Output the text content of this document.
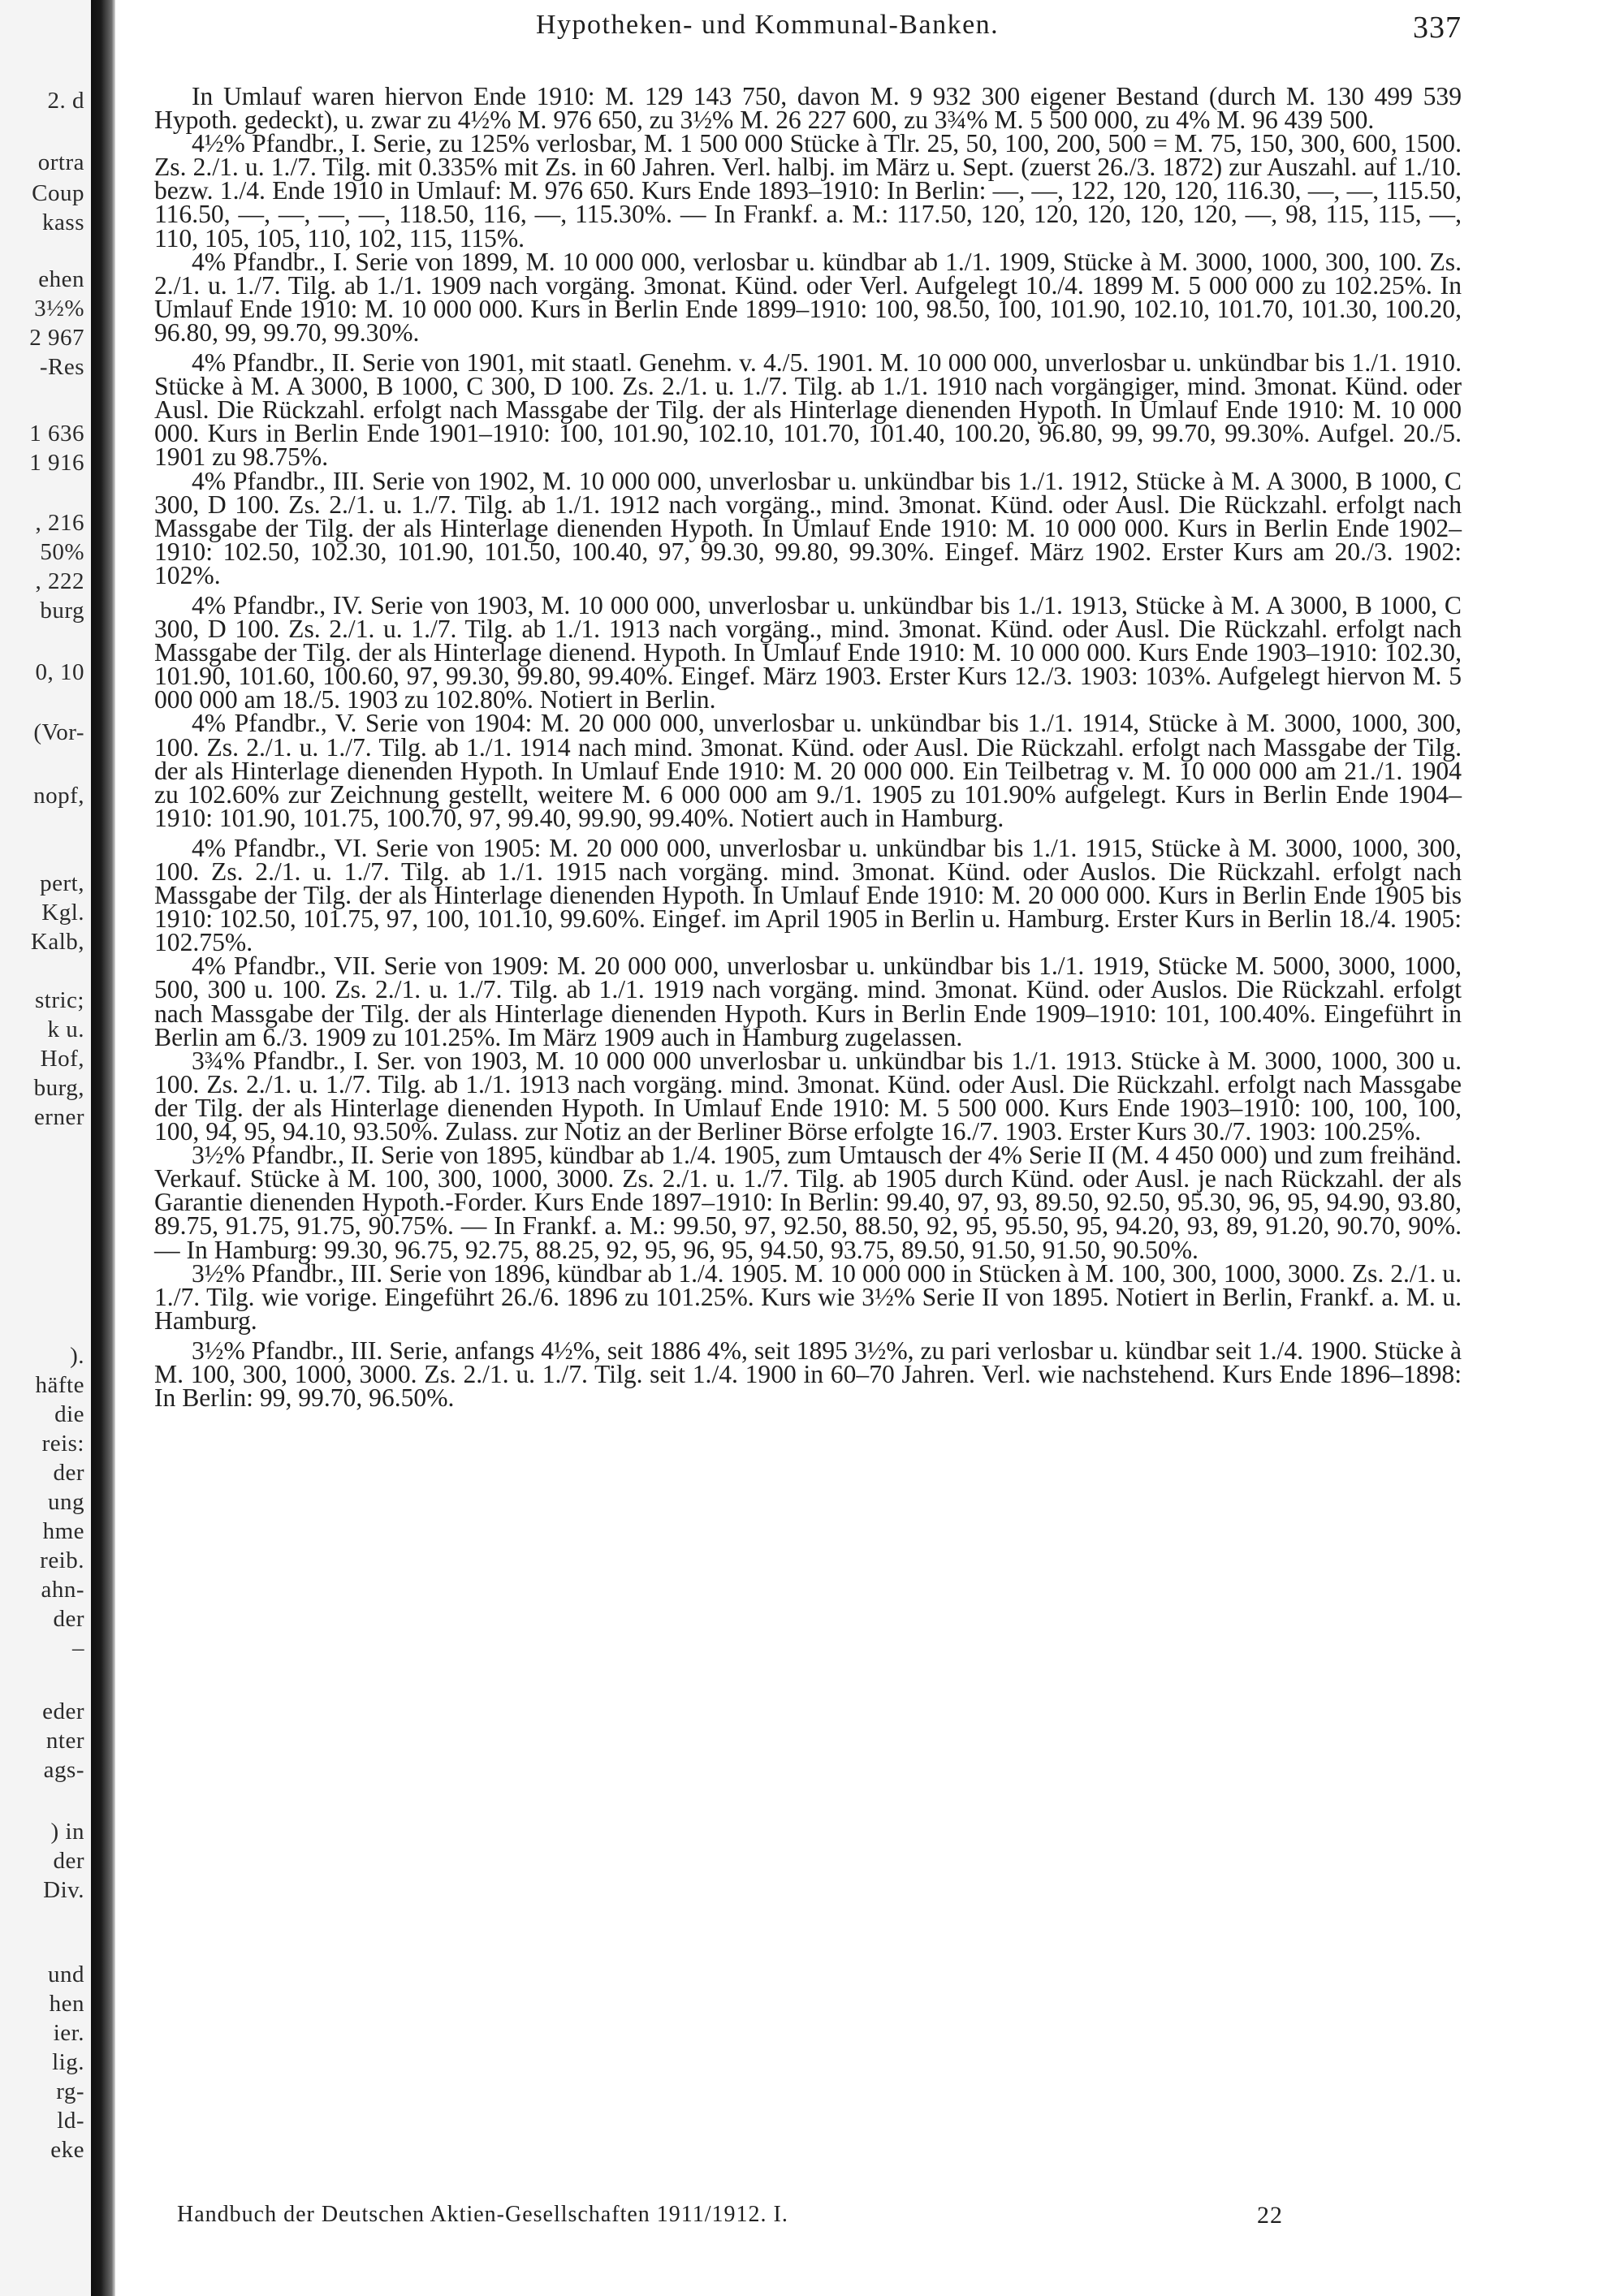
2. d
ortra
Coup
kass
ehen
3½%
2 967
-Res
1 636
1 916
, 216
50%
, 222
burg
0, 10
(Vor-
nopf,
pert,
Kgl.
Kalb,
stric;
k u.
Hof,
burg,
erner
).
häfte
die
reis:
der
ung
hme
reib.
ahn-
der
–
eder
nter
ags-
) in
der
Div.
und
hen
ier.
lig.
rg-
ld-
eke
Hypotheken- und Kommunal-Banken.	337

In Umlauf waren hiervon Ende 1910: M. 129 143 750, davon M. 9 932 300 eigener Bestand (durch M. 130 499 539 Hypoth. gedeckt), u. zwar zu 4½% M. 976 650, zu 3½% M. 26 227 600, zu 3¾% M. 5 500 000, zu 4% M. 96 439 500.

4½% Pfandbr., I. Serie, zu 125% verlosbar, M. 1 500 000 Stücke à Tlr. 25, 50, 100, 200, 500 = M. 75, 150, 300, 600, 1500. Zs. 2./1. u. 1./7. Tilg. mit 0.335% mit Zs. in 60 Jahren. Verl. halbj. im März u. Sept. (zuerst 26./3. 1872) zur Auszahl. auf 1./10. bezw. 1./4. Ende 1910 in Umlauf: M. 976 650. Kurs Ende 1893–1910: In Berlin: —, —, 122, 120, 120, 116.30, —, —, 115.50, 116.50, —, —, —, —, 118.50, 116, —, 115.30%. — In Frankf. a. M.: 117.50, 120, 120, 120, 120, 120, —, 98, 115, 115, —, 110, 105, 105, 110, 102, 115, 115%.

4% Pfandbr., I. Serie von 1899, M. 10 000 000, verlosbar u. kündbar ab 1./1. 1909, Stücke à M. 3000, 1000, 300, 100. Zs. 2./1. u. 1./7. Tilg. ab 1./1. 1909 nach vorgäng. 3monat. Künd. oder Verl. Aufgelegt 10./4. 1899 M. 5 000 000 zu 102.25%. In Umlauf Ende 1910: M. 10 000 000. Kurs in Berlin Ende 1899–1910: 100, 98.50, 100, 101.90, 102.10, 101.70, 101.30, 100.20, 96.80, 99, 99.70, 99.30%.

4% Pfandbr., II. Serie von 1901, mit staatl. Genehm. v. 4./5. 1901. M. 10 000 000, unverlosbar u. unkündbar bis 1./1. 1910. Stücke à M. A 3000, B 1000, C 300, D 100. Zs. 2./1. u. 1./7. Tilg. ab 1./1. 1910 nach vorgängiger, mind. 3monat. Künd. oder Ausl. Die Rückzahl. erfolgt nach Massgabe der Tilg. der als Hinterlage dienenden Hypoth. In Umlauf Ende 1910: M. 10 000 000. Kurs in Berlin Ende 1901–1910: 100, 101.90, 102.10, 101.70, 101.40, 100.20, 96.80, 99, 99.70, 99.30%. Aufgel. 20./5. 1901 zu 98.75%.

4% Pfandbr., III. Serie von 1902, M. 10 000 000, unverlosbar u. unkündbar bis 1./1. 1912, Stücke à M. A 3000, B 1000, C 300, D 100. Zs. 2./1. u. 1./7. Tilg. ab 1./1. 1912 nach vorgäng., mind. 3monat. Künd. oder Ausl. Die Rückzahl. erfolgt nach Massgabe der Tilg. der als Hinterlage dienenden Hypoth. In Umlauf Ende 1910: M. 10 000 000. Kurs in Berlin Ende 1902–1910: 102.50, 102.30, 101.90, 101.50, 100.40, 97, 99.30, 99.80, 99.30%. Eingef. März 1902. Erster Kurs am 20./3. 1902: 102%.

4% Pfandbr., IV. Serie von 1903, M. 10 000 000, unverlosbar u. unkündbar bis 1./1. 1913, Stücke à M. A 3000, B 1000, C 300, D 100. Zs. 2./1. u. 1./7. Tilg. ab 1./1. 1913 nach vorgäng., mind. 3monat. Künd. oder Ausl. Die Rückzahl. erfolgt nach Massgabe der Tilg. der als Hinterlage dienend. Hypoth. In Umlauf Ende 1910: M. 10 000 000. Kurs Ende 1903–1910: 102.30, 101.90, 101.60, 100.60, 97, 99.30, 99.80, 99.40%. Eingef. März 1903. Erster Kurs 12./3. 1903: 103%. Aufgelegt hiervon M. 5 000 000 am 18./5. 1903 zu 102.80%. Notiert in Berlin.

4% Pfandbr., V. Serie von 1904: M. 20 000 000, unverlosbar u. unkündbar bis 1./1. 1914, Stücke à M. 3000, 1000, 300, 100. Zs. 2./1. u. 1./7. Tilg. ab 1./1. 1914 nach mind. 3monat. Künd. oder Ausl. Die Rückzahl. erfolgt nach Massgabe der Tilg. der als Hinterlage dienenden Hypoth. In Umlauf Ende 1910: M. 20 000 000. Ein Teilbetrag v. M. 10 000 000 am 21./1. 1904 zu 102.60% zur Zeichnung gestellt, weitere M. 6 000 000 am 9./1. 1905 zu 101.90% aufgelegt. Kurs in Berlin Ende 1904–1910: 101.90, 101.75, 100.70, 97, 99.40, 99.90, 99.40%. Notiert auch in Hamburg.

4% Pfandbr., VI. Serie von 1905: M. 20 000 000, unverlosbar u. unkündbar bis 1./1. 1915, Stücke à M. 3000, 1000, 300, 100. Zs. 2./1. u. 1./7. Tilg. ab 1./1. 1915 nach vorgäng. mind. 3monat. Künd. oder Auslos. Die Rückzahl. erfolgt nach Massgabe der Tilg. der als Hinterlage dienenden Hypoth. In Umlauf Ende 1910: M. 20 000 000. Kurs in Berlin Ende 1905 bis 1910: 102.50, 101.75, 97, 100, 101.10, 99.60%. Eingef. im April 1905 in Berlin u. Hamburg. Erster Kurs in Berlin 18./4. 1905: 102.75%.

4% Pfandbr., VII. Serie von 1909: M. 20 000 000, unverlosbar u. unkündbar bis 1./1. 1919, Stücke M. 5000, 3000, 1000, 500, 300 u. 100. Zs. 2./1. u. 1./7. Tilg. ab 1./1. 1919 nach vorgäng. mind. 3monat. Künd. oder Auslos. Die Rückzahl. erfolgt nach Massgabe der Tilg. der als Hinterlage dienenden Hypoth. Kurs in Berlin Ende 1909–1910: 101, 100.40%. Eingeführt in Berlin am 6./3. 1909 zu 101.25%. Im März 1909 auch in Hamburg zugelassen.

3¾% Pfandbr., I. Ser. von 1903, M. 10 000 000 unverlosbar u. unkündbar bis 1./1. 1913. Stücke à M. 3000, 1000, 300 u. 100. Zs. 2./1. u. 1./7. Tilg. ab 1./1. 1913 nach vorgäng. mind. 3monat. Künd. oder Ausl. Die Rückzahl. erfolgt nach Massgabe der Tilg. der als Hinterlage dienenden Hypoth. In Umlauf Ende 1910: M. 5 500 000. Kurs Ende 1903–1910: 100, 100, 100, 100, 94, 95, 94.10, 93.50%. Zulass. zur Notiz an der Berliner Börse erfolgte 16./7. 1903. Erster Kurs 30./7. 1903: 100.25%.

3½% Pfandbr., II. Serie von 1895, kündbar ab 1./4. 1905, zum Umtausch der 4% Serie II (M. 4 450 000) und zum freihänd. Verkauf. Stücke à M. 100, 300, 1000, 3000. Zs. 2./1. u. 1./7. Tilg. ab 1905 durch Künd. oder Ausl. je nach Rückzahl. der als Garantie dienenden Hypoth.-Forder. Kurs Ende 1897–1910: In Berlin: 99.40, 97, 93, 89.50, 92.50, 95.30, 96, 95, 94.90, 93.80, 89.75, 91.75, 91.75, 90.75%. — In Frankf. a. M.: 99.50, 97, 92.50, 88.50, 92, 95, 95.50, 95, 94.20, 93, 89, 91.20, 90.70, 90%. — In Hamburg: 99.30, 96.75, 92.75, 88.25, 92, 95, 96, 95, 94.50, 93.75, 89.50, 91.50, 91.50, 90.50%.

3½% Pfandbr., III. Serie von 1896, kündbar ab 1./4. 1905. M. 10 000 000 in Stücken à M. 100, 300, 1000, 3000. Zs. 2./1. u. 1./7. Tilg. wie vorige. Eingeführt 26./6. 1896 zu 101.25%. Kurs wie 3½% Serie II von 1895. Notiert in Berlin, Frankf. a. M. u. Hamburg.

3½% Pfandbr., III. Serie, anfangs 4½%, seit 1886 4%, seit 1895 3½%, zu pari verlosbar u. kündbar seit 1./4. 1900. Stücke à M. 100, 300, 1000, 3000. Zs. 2./1. u. 1./7. Tilg. seit 1./4. 1900 in 60–70 Jahren. Verl. wie nachstehend. Kurs Ende 1896–1898: In Berlin: 99, 99.70, 96.50%.

Handbuch der Deutschen Aktien-Gesellschaften 1911/1912. I.	22
